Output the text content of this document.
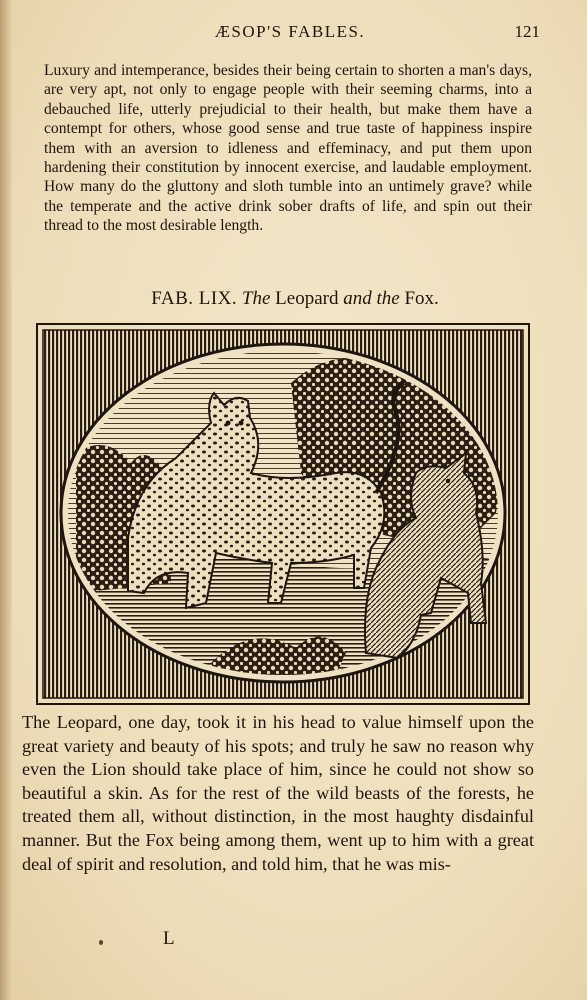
ÆSOP'S FABLES.	121
Luxury and intemperance, besides their being certain to shorten a man's days, are very apt, not only to engage people with their seeming charms, into a debauched life, utterly prejudicial to their health, but make them have a contempt for others, whose good sense and true taste of happiness inspire them with an aversion to idleness and effeminacy, and put them upon hardening their constitution by innocent exercise, and laudable employment. How many do the gluttony and sloth tumble into an untimely grave? while the temperate and the active drink sober drafts of life, and spin out their thread to the most desirable length.
FAB. LIX. The Leopard and the Fox.
The Leopard, one day, took it in his head to value himself upon the great variety and beauty of his spots; and truly he saw no reason why even the Lion should take place of him, since he could not show so beautiful a skin. As for the rest of the wild beasts of the forests, he treated them all, without distinction, in the most haughty disdainful manner. But the Fox being among them, went up to him with a great deal of spirit and resolution, and told him, that he was mis-
L
